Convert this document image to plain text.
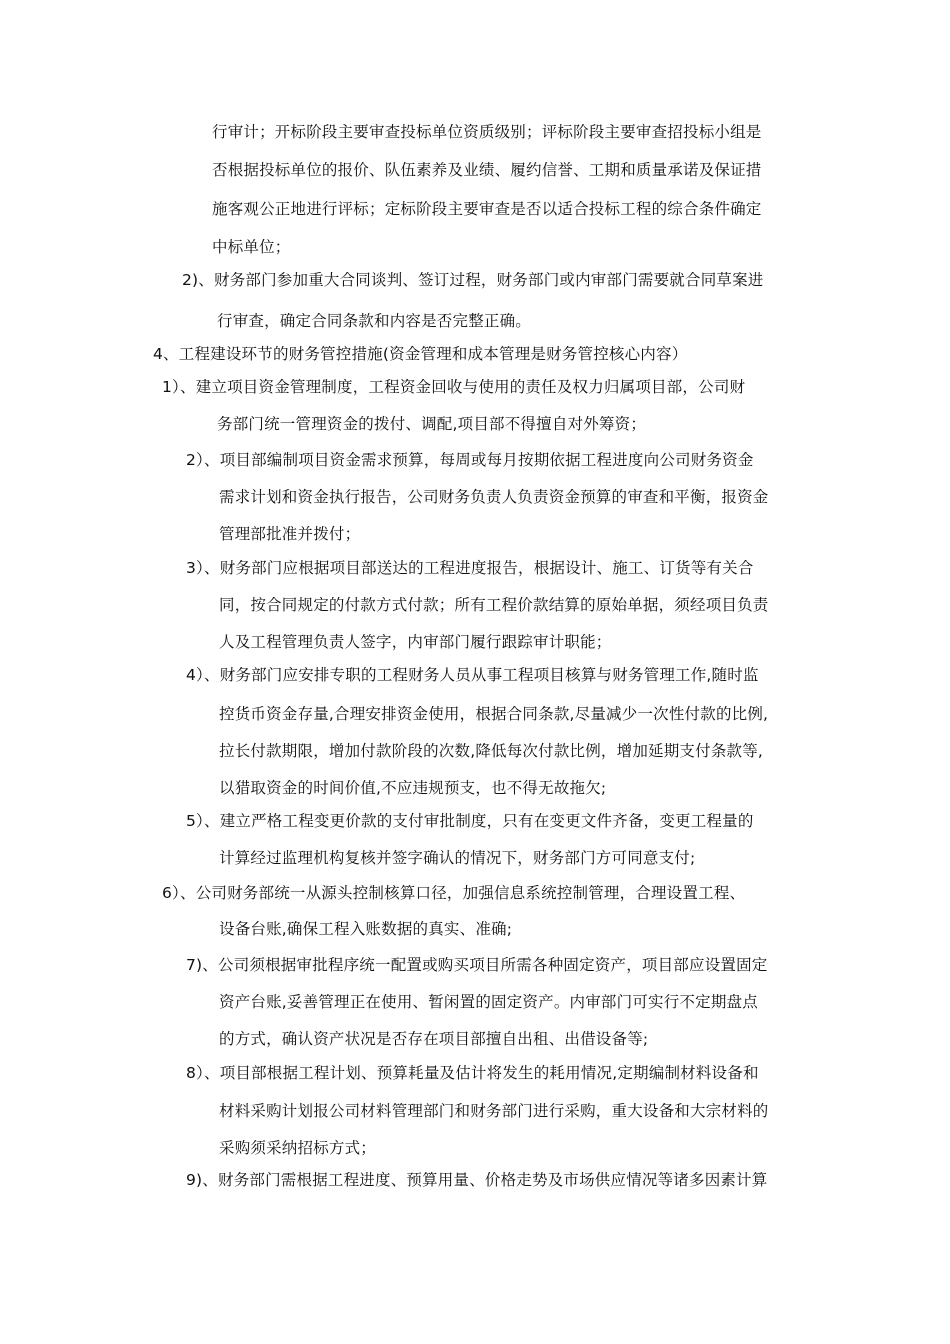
行审计；开标阶段主要审查投标单位资质级别；评标阶段主要审查招投标小组是
否根据投标单位的报价、队伍素养及业绩、履约信誉、工期和质量承诺及保证措
施客观公正地进行评标；定标阶段主要审查是否以适合投标工程的综合条件确定
中标单位；
2)、财务部门参加重大合同谈判、签订过程，财务部门或内审部门需要就合同草案进
行审查，确定合同条款和内容是否完整正确。
4、工程建设环节的财务管控措施(资金管理和成本管理是财务管控核心内容）
1）、建立项目资金管理制度，工程资金回收与使用的责任及权力归属项目部，公司财
务部门统一管理资金的拨付、调配,项目部不得擅自对外筹资；
2）、项目部编制项目资金需求预算，每周或每月按期依据工程进度向公司财务资金
需求计划和资金执行报告，公司财务负责人负责资金预算的审查和平衡，报资金
管理部批准并拨付；
3）、财务部门应根据项目部送达的工程进度报告，根据设计、施工、订货等有关合
同，按合同规定的付款方式付款；所有工程价款结算的原始单据，须经项目负责
人及工程管理负责人签字，内审部门履行跟踪审计职能；
4）、财务部门应安排专职的工程财务人员从事工程项目核算与财务管理工作,随时监
控货币资金存量,合理安排资金使用，根据合同条款,尽量减少一次性付款的比例,
拉长付款期限，增加付款阶段的次数,降低每次付款比例，增加延期支付条款等,
以猎取资金的时间价值,不应违规预支，也不得无故拖欠;
5）、建立严格工程变更价款的支付审批制度，只有在变更文件齐备，变更工程量的
计算经过监理机构复核并签字确认的情况下，财务部门方可同意支付;
6）、公司财务部统一从源头控制核算口径，加强信息系统控制管理，合理设置工程、
设备台账,确保工程入账数据的真实、准确;
7)、公司须根据审批程序统一配置或购买项目所需各种固定资产，项目部应设置固定
资产台账,妥善管理正在使用、暂闲置的固定资产。内审部门可实行不定期盘点
的方式，确认资产状况是否存在项目部擅自出租、出借设备等;
8）、项目部根据工程计划、预算耗量及估计将发生的耗用情况,定期编制材料设备和
材料采购计划报公司材料管理部门和财务部门进行采购，重大设备和大宗材料的
采购须采纳招标方式；
9)、财务部门需根据工程进度、预算用量、价格走势及市场供应情况等诸多因素计算
